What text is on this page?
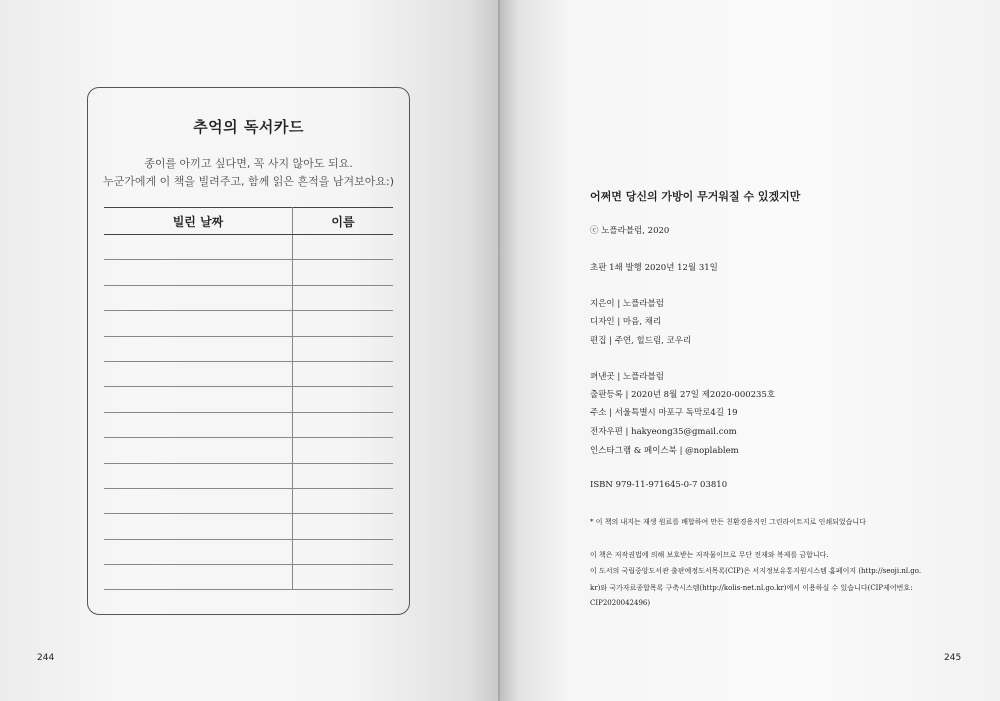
추억의 독서카드
종이를 아끼고 싶다면, 꼭 사지 않아도 되요.
누군가에게 이 책을 빌려주고, 함께 읽은 흔적을 남겨보아요:)
빌린 날짜	이름

244	245
어쩌면 당신의 가방이 무거워질 수 있겠지만
ⓒ 노플라블럼, 2020
초판 1쇄 발행 2020년 12월 31일
지은이 | 노플라블럼
디자인 | 마음, 채리
편집 | 주연, 힐드림, 코우리
펴낸곳 | 노플라블럼
출판등록 | 2020년 8월 27일 제2020-000235호
주소 | 서울특별시 마포구 독막로4길 19
전자우편 | hakyeong35@gmail.com
인스타그램 & 페이스북 | @noplablem
ISBN 979-11-971645-0-7 03810
* 이 책의 내지는 재생 원료를 배합하여 만든 친환경용지인 그린라이트지로 인쇄되었습니다
이 책은 저작권법에 의해 보호받는 저작물이므로 무단 전재와 복제를 금합니다.
이 도서의 국립중앙도서관 출판예정도서목록(CIP)은 서지정보유통지원시스템 홈페이지 (http://seoji.nl.go.
kr)와 국가자료종합목록 구축시스템(http://kolis-net.nl.go.kr)에서 이용하실 수 있습니다(CIP제어번호:
CIP2020042496)
